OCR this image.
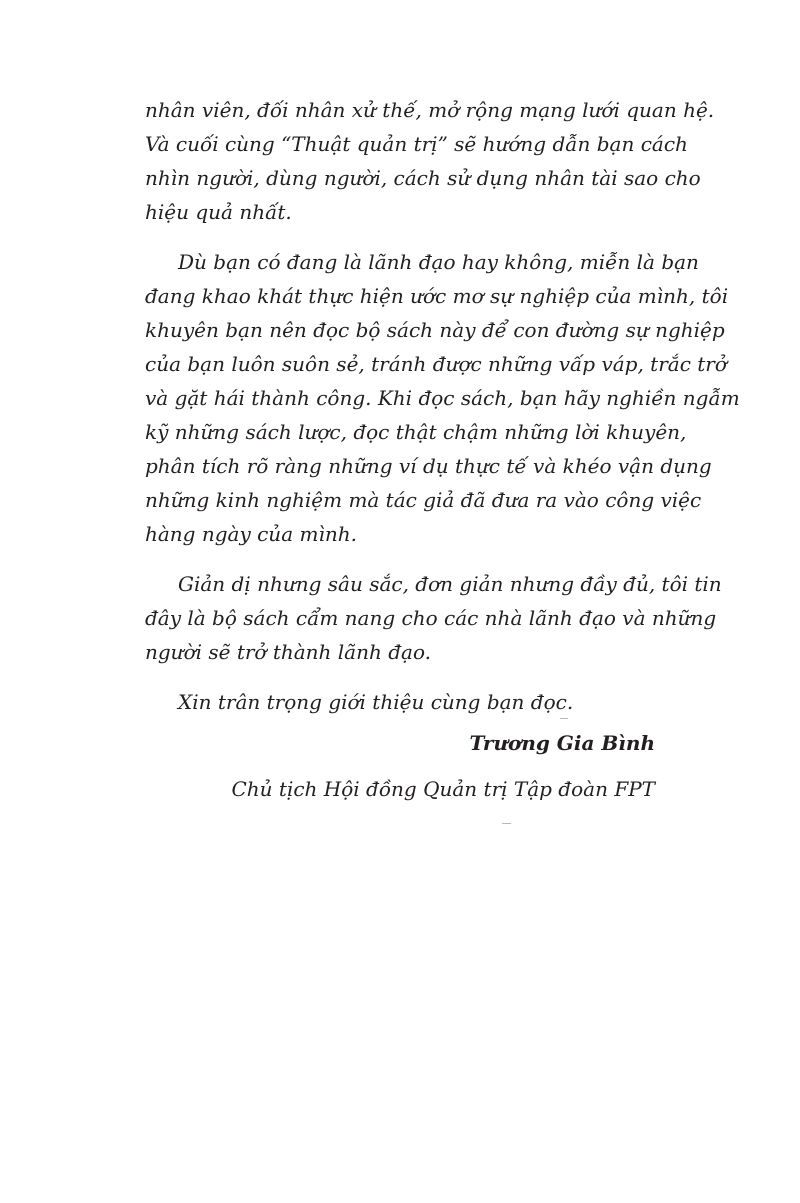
nhân viên, đối nhân xử thế, mở rộng mạng lưới quan hệ.

Và cuối cùng “Thuật quản trị” sẽ hướng dẫn bạn cách

nhìn người, dùng người, cách sử dụng nhân tài sao cho

hiệu quả nhất.

Dù bạn có đang là lãnh đạo hay không, miễn là bạn

đang khao khát thực hiện ước mơ sự nghiệp của mình, tôi

khuyên bạn nên đọc bộ sách này để con đường sự nghiệp

của bạn luôn suôn sẻ, tránh được những vấp váp, trắc trở

và gặt hái thành công. Khi đọc sách, bạn hãy nghiền ngẫm

kỹ những sách lược, đọc thật chậm những lời khuyên,

phân tích rõ ràng những ví dụ thực tế và khéo vận dụng

những kinh nghiệm mà tác giả đã đưa ra vào công việc

hàng ngày của mình.

Giản dị nhưng sâu sắc, đơn giản nhưng đầy đủ, tôi tin

đây là bộ sách cẩm nang cho các nhà lãnh đạo và những

người sẽ trở thành lãnh đạo.

Xin trân trọng giới thiệu cùng bạn đọc.

Trương Gia Bình
Chủ tịch Hội đồng Quản trị Tập đoàn FPT
